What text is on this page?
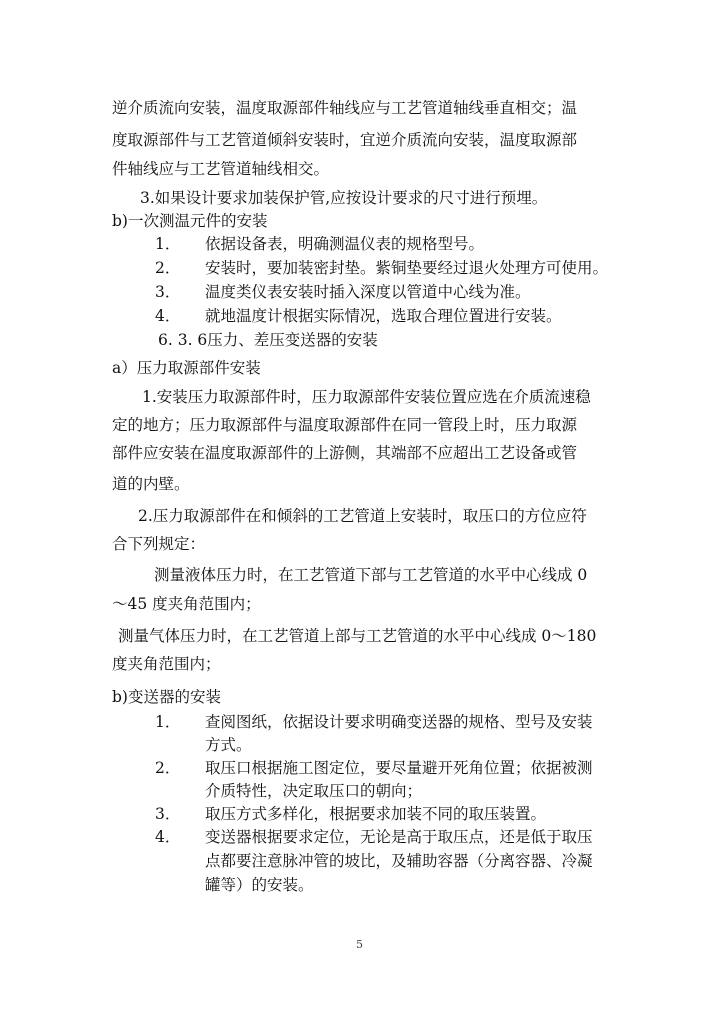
逆介质流向安装，温度取源部件轴线应与工艺管道轴线垂直相交；温
度取源部件与工艺管道倾斜安装时，宜逆介质流向安装，温度取源部
件轴线应与工艺管道轴线相交。
3.如果设计要求加装保护管,应按设计要求的尺寸进行预埋。
b)一次测温元件的安装
1．	依据设备表，明确测温仪表的规格型号。
2．	安装时，要加装密封垫。紫铜垫要经过退火处理方可使用。
3．	温度类仪表安装时插入深度以管道中心线为准。
4．	就地温度计根据实际情况，选取合理位置进行安装。
6. 3. 6压力、差压变送器的安装
a）压力取源部件安装
1.安装压力取源部件时，压力取源部件安装位置应选在介质流速稳
定的地方；压力取源部件与温度取源部件在同一管段上时，压力取源
部件应安装在温度取源部件的上游侧，其端部不应超出工艺设备或管
道的内壁。
2.压力取源部件在和倾斜的工艺管道上安装时，取压口的方位应符
合下列规定：
测量液体压力时，在工艺管道下部与工艺管道的水平中心线成 0
～45 度夹角范围内；
测量气体压力时，在工艺管道上部与工艺管道的水平中心线成 0～180
度夹角范围内；
b)变送器的安装
1．	查阅图纸，依据设计要求明确变送器的规格、型号及安装
方式。
2．	取压口根据施工图定位，要尽量避开死角位置；依据被测
介质特性，决定取压口的朝向；
3．	取压方式多样化，根据要求加装不同的取压装置。
4．	变送器根据要求定位，无论是高于取压点，还是低于取压
点都要注意脉冲管的坡比，及辅助容器（分离容器、冷凝
罐等）的安装。
5
